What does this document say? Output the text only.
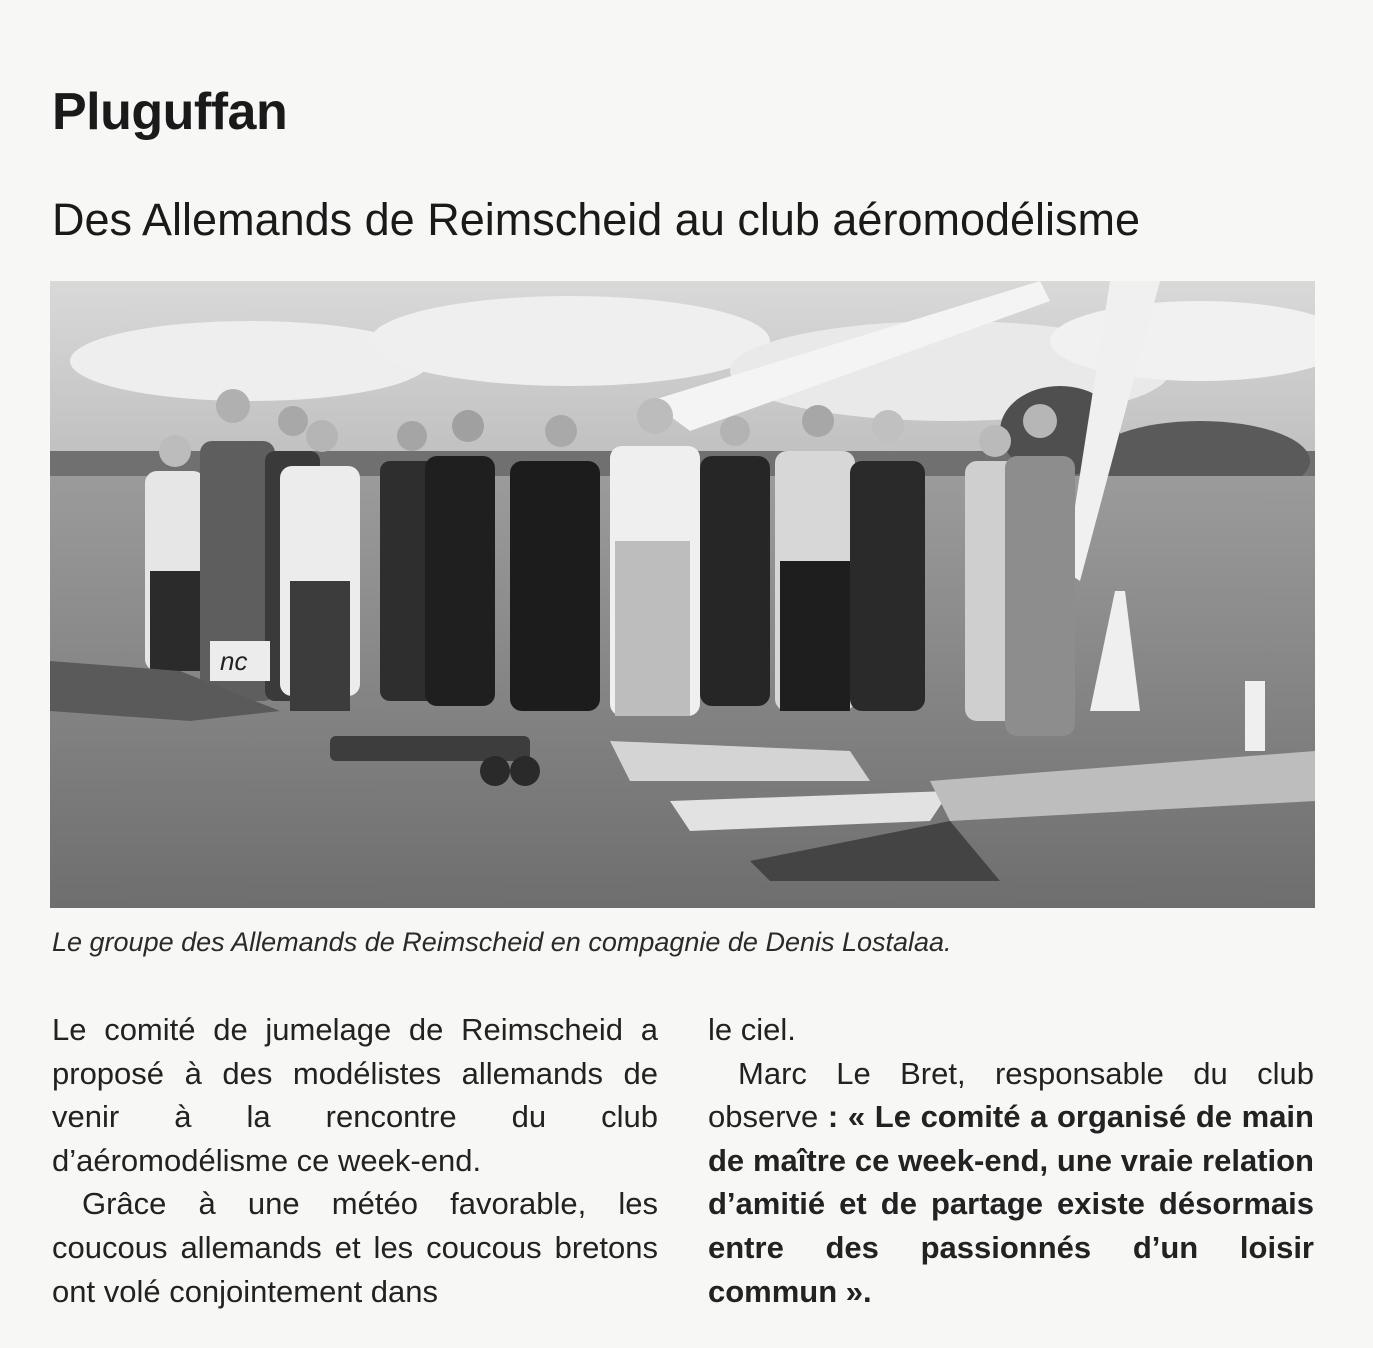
Pluguffan
Des Allemands de Reimscheid au club aéromodélisme
nc

Le groupe des Allemands de Reimscheid en compagnie de Denis Lostalaa.

Le comité de jumelage de Reimscheid a proposé à des modélistes allemands de venir à la rencontre du club d’aéromodélisme ce week-end.

Grâce à une météo favorable, les coucous allemands et les coucous bretons ont volé conjointement dans

le ciel.

Marc Le Bret, responsable du club observe : « Le comité a organisé de main de maître ce week-end, une vraie relation d’amitié et de partage existe désormais entre des passionnés d’un loisir commun ».
